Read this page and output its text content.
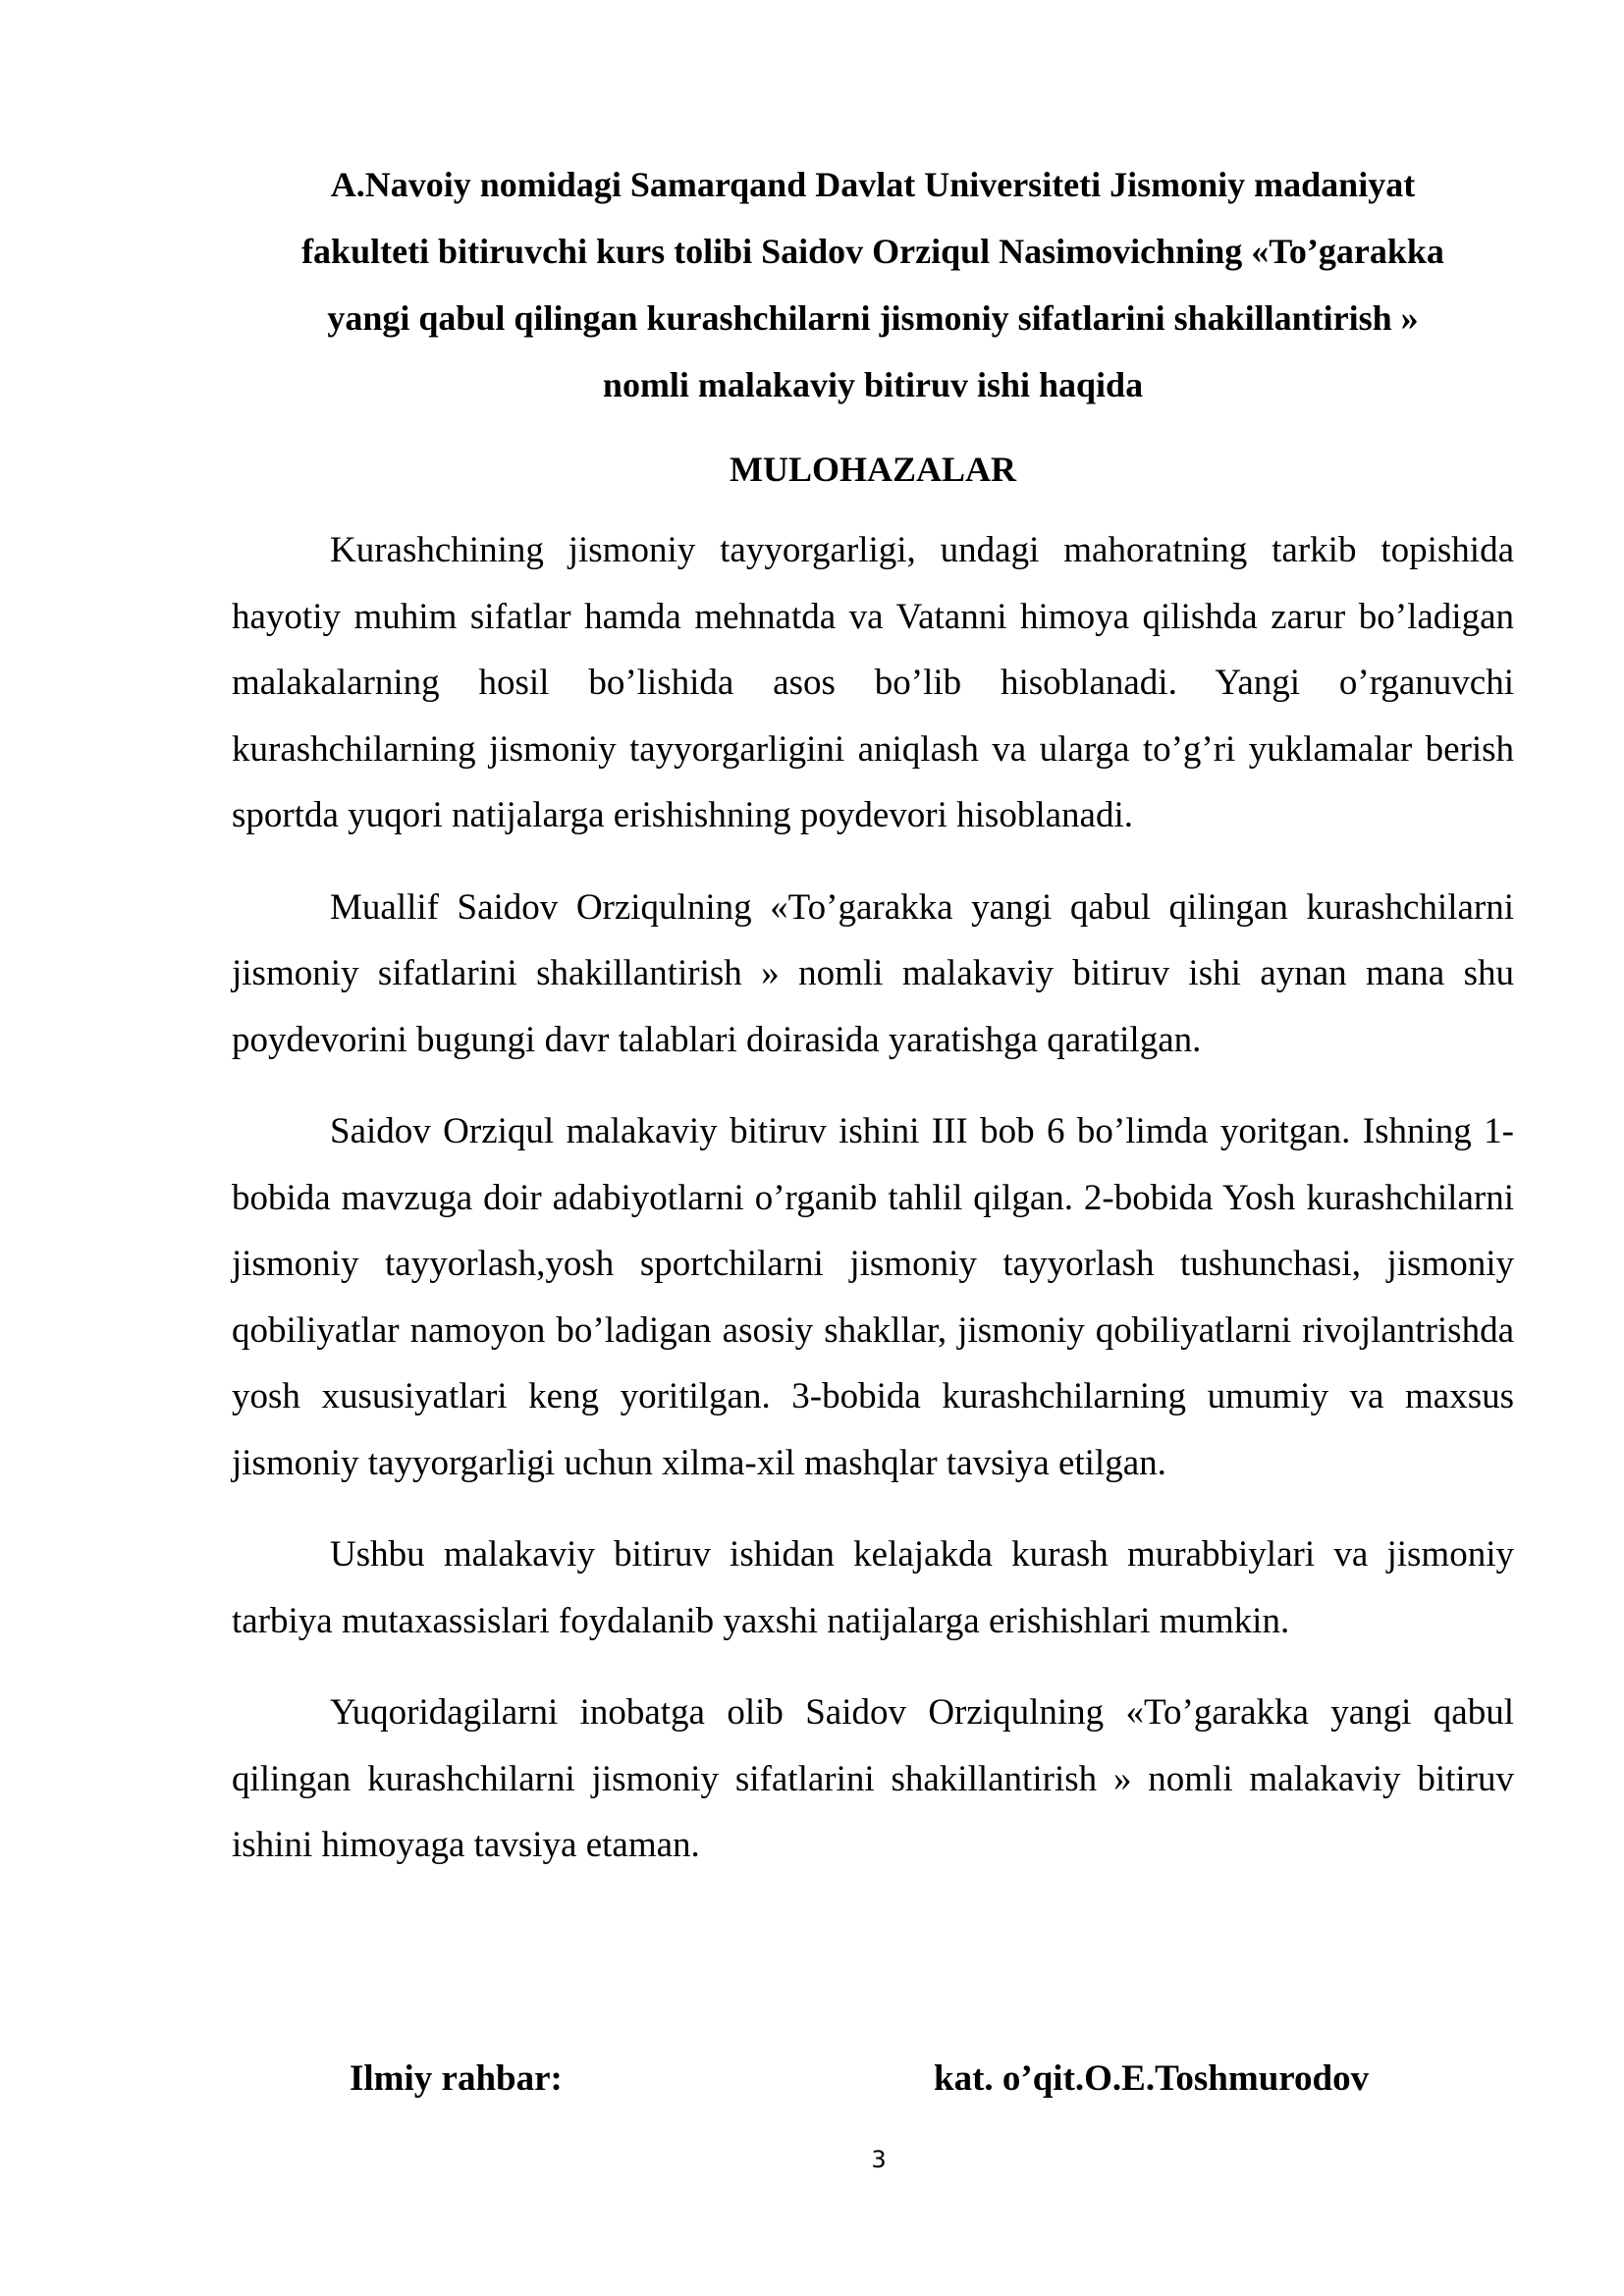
A.Navoiy nomidagi Samarqand Davlat Universiteti Jismoniy madaniyat
fakulteti bitiruvchi kurs tolibi Saidov Orziqul Nasimovichning «To’garakka
yangi qabul qilingan kurashchilarni jismoniy sifatlarini shakillantirish »
nomli malakaviy bitiruv ishi haqida
MULOHAZALAR

Kurashchining jismoniy tayyorgarligi, undagi mahoratning tarkib topishida hayotiy muhim sifatlar hamda mehnatda va Vatanni himoya qilishda zarur bo’ladigan malakalarning hosil bo’lishida asos bo’lib hisoblanadi. Yangi o’rganuvchi kurashchilarning jismoniy tayyorgarligini aniqlash va ularga to’g’ri yuklamalar berish sportda yuqori natijalarga erishishning poydevori hisoblanadi.

Muallif Saidov Orziqulning «To’garakka yangi qabul qilingan kurashchilarni jismoniy sifatlarini shakillantirish » nomli malakaviy bitiruv ishi aynan mana shu poydevorini bugungi davr talablari doirasida yaratishga qaratilgan.

Saidov Orziqul malakaviy bitiruv ishini III bob 6 bo’limda yoritgan. Ishning 1-bobida mavzuga doir adabiyotlarni o’rganib tahlil qilgan. 2-bobida Yosh kurashchilarni jismoniy tayyorlash,yosh sportchilarni jismoniy tayyorlash tushunchasi, jismoniy qobiliyatlar namoyon bo’ladigan asosiy shakllar, jismoniy qobiliyatlarni rivojlantrishda yosh xususiyatlari keng yoritilgan. 3-bobida kurashchilarning umumiy va maxsus jismoniy tayyorgarligi uchun xilma-xil mashqlar tavsiya etilgan.

Ushbu malakaviy bitiruv ishidan kelajakda kurash murabbiylari va jismoniy tarbiya mutaxassislari foydalanib yaxshi natijalarga erishishlari mumkin.

Yuqoridagilarni inobatga olib Saidov Orziqulning «To’garakka yangi qabul qilingan kurashchilarni jismoniy sifatlarini shakillantirish » nomli malakaviy bitiruv ishini himoyaga tavsiya etaman.

Ilmiy rahbar:	kat. o’qit.O.E.Toshmurodov
3
